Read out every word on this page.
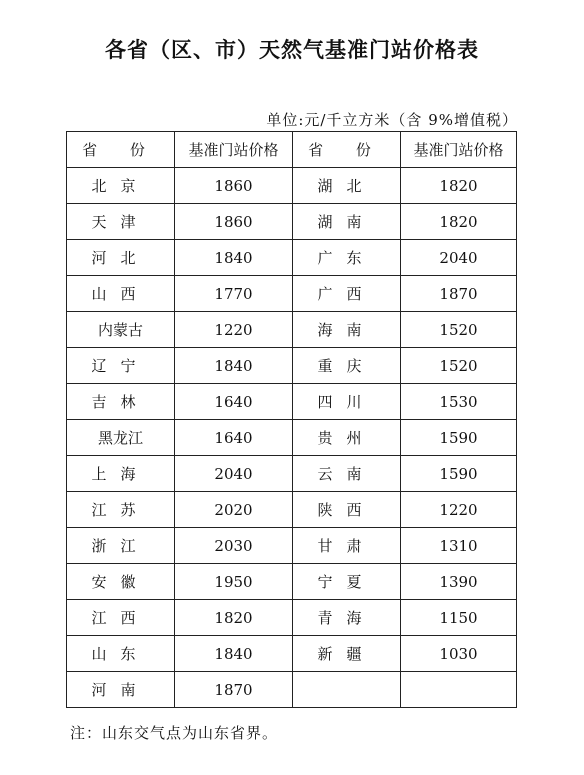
各省（区、市）天然气基准门站价格表
单位:元/千立方米（含 9%增值税）
省 份	基准门站价格	省 份	基准门站价格
北京	1860	湖北	1820
天津	1860	湖南	1820
河北	1840	广东	2040
山西	1770	广西	1870
内蒙古	1220	海南	1520
辽宁	1840	重庆	1520
吉林	1640	四川	1530
黑龙江	1640	贵州	1590
上海	2040	云南	1590
江苏	2020	陕西	1220
浙江	2030	甘肃	1310
安徽	1950	宁夏	1390
江西	1820	青海	1150
山东	1840	新疆	1030
河南	1870		
注：山东交气点为山东省界。
